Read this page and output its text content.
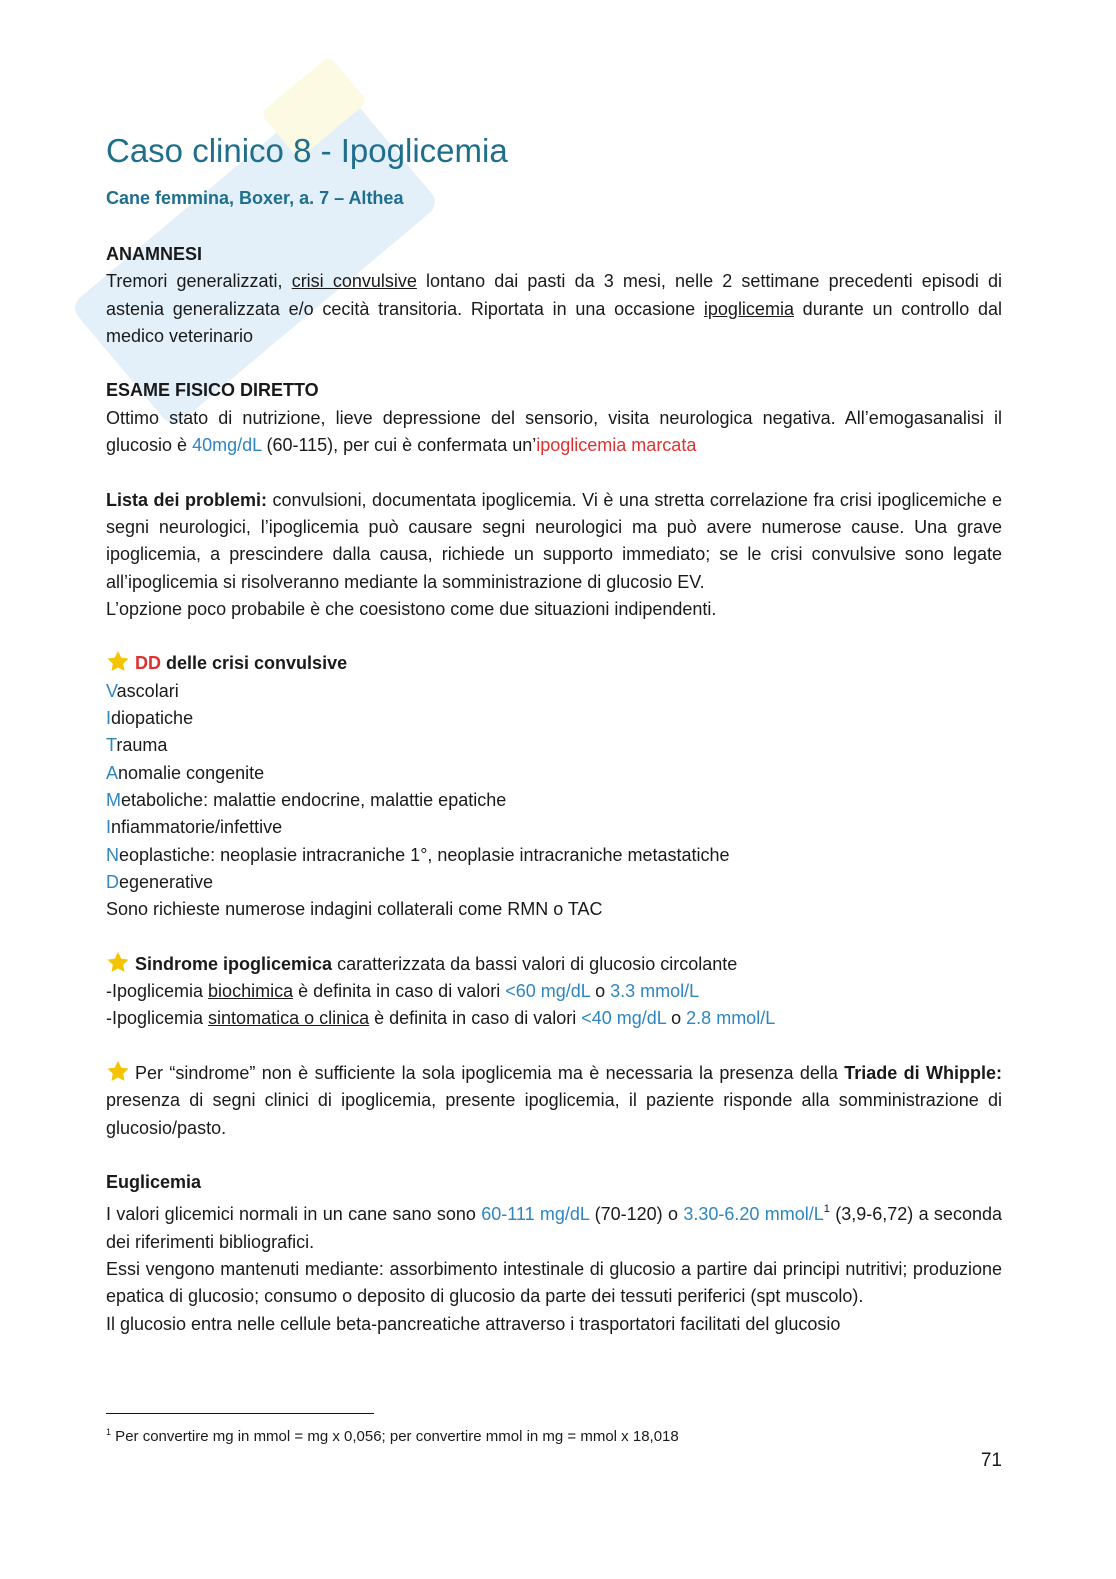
Caso clinico 8 - Ipoglicemia
Cane femmina, Boxer, a. 7 – Althea
ANAMNESI
Tremori generalizzati, crisi convulsive lontano dai pasti da 3 mesi, nelle 2 settimane precedenti episodi di astenia generalizzata e/o cecità transitoria. Riportata in una occasione ipoglicemia durante un controllo dal medico veterinario
ESAME FISICO DIRETTO
Ottimo stato di nutrizione, lieve depressione del sensorio, visita neurologica negativa. All’emogasanalisi il glucosio è 40mg/dL (60-115), per cui è confermata un’ipoglicemia marcata
Lista dei problemi: convulsioni, documentata ipoglicemia. Vi è una stretta correlazione fra crisi ipoglicemiche e segni neurologici, l’ipoglicemia può causare segni neurologici ma può avere numerose cause. Una grave ipoglicemia, a prescindere dalla causa, richiede un supporto immediato; se le crisi convulsive sono legate all’ipoglicemia si risolveranno mediante la somministrazione di glucosio EV.
L’opzione poco probabile è che coesistono come due situazioni indipendenti.
DD delle crisi convulsive
Vascolari
Idiopatiche
Trauma
Anomalie congenite
Metaboliche: malattie endocrine, malattie epatiche
Infiammatorie/infettive
Neoplastiche: neoplasie intracraniche 1°, neoplasie intracraniche metastatiche
Degenerative
Sono richieste numerose indagini collaterali come RMN o TAC
Sindrome ipoglicemica caratterizzata da bassi valori di glucosio circolante
-Ipoglicemia biochimica è definita in caso di valori <60 mg/dL o 3.3 mmol/L
-Ipoglicemia sintomatica o clinica è definita in caso di valori <40 mg/dL o 2.8 mmol/L
Per “sindrome” non è sufficiente la sola ipoglicemia ma è necessaria la presenza della Triade di Whipple: presenza di segni clinici di ipoglicemia, presente ipoglicemia, il paziente risponde alla somministrazione di glucosio/pasto.
Euglicemia
I valori glicemici normali in un cane sano sono 60-111 mg/dL (70-120) o 3.30-6.20 mmol/$L^1$ (3,9-6,72) a seconda dei riferimenti bibliografici.
Essi vengono mantenuti mediante: assorbimento intestinale di glucosio a partire dai principi nutritivi; produzione epatica di glucosio; consumo o deposito di glucosio da parte dei tessuti periferici (spt muscolo).
Il glucosio entra nelle cellule beta-pancreatiche attraverso i trasportatori facilitati del glucosio
$^1$ Per convertire mg in mmol = mg x 0,056; per convertire mmol in mg = mmol x 18,018
71
